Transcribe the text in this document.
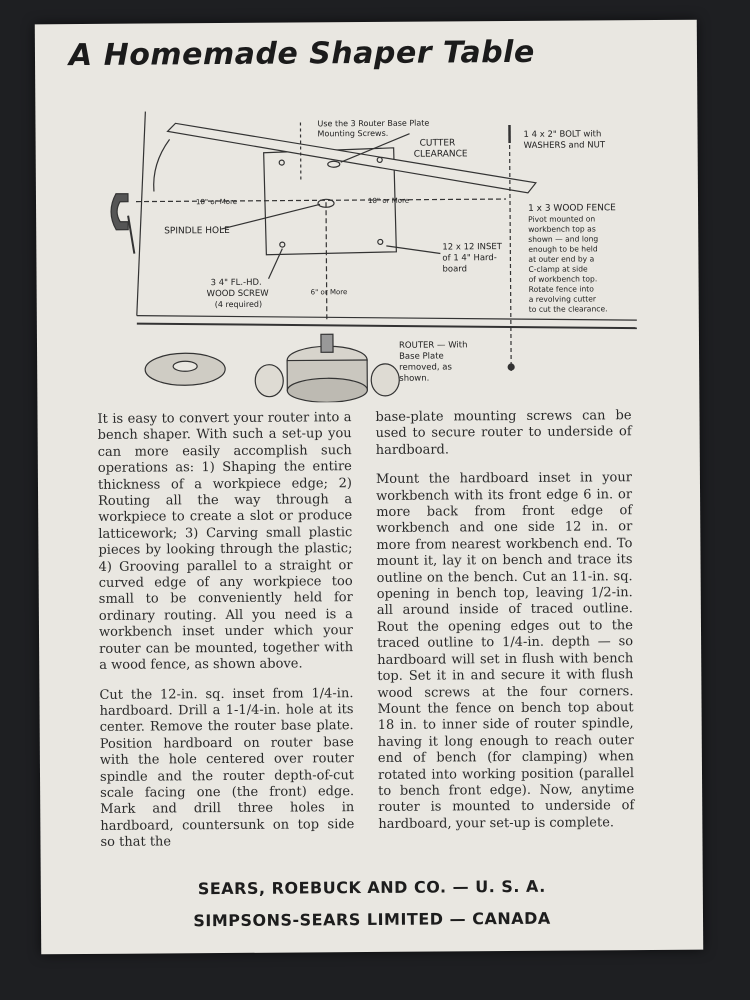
A Homemade Shaper Table
Use the 3 Router Base Plate
Mounting Screws.
CUTTER
CLEARANCE
1 4 x 2" BOLT with
WASHERS and NUT
1 x 3 WOOD FENCE
Pivot mounted on
workbench top as
shown — and long
enough to be held
at outer end by a
C-clamp at side
of workbench top.
Rotate fence into
a revolving cutter
to cut the clearance.
18" or More	18" or More
SPINDLE HOLE
12 x 12 INSET
of 1 4" Hard-
board
3 4" FL.-HD.
WOOD SCREW
(4 required)
6" or More
ROUTER — With
Base Plate
removed, as
shown.

It is easy to convert your router into a bench shaper. With such a set-up you can more easily accomplish such operations as: 1) Shaping the entire thickness of a workpiece edge; 2) Routing all the way through a workpiece to create a slot or produce latticework; 3) Carving small plastic pieces by looking through the plastic; 4) Grooving parallel to a straight or curved edge of any workpiece too small to be conveniently held for ordinary routing. All you need is a workbench inset under which your router can be mounted, together with a wood fence, as shown above.

Cut the 12-in. sq. inset from 1/4-in. hardboard. Drill a 1-1/4-in. hole at its center. Remove the router base plate. Position hardboard on router base with the hole centered over router spindle and the router depth-of-cut scale facing one (the front) edge. Mark and drill three holes in hardboard, countersunk on top side so that the

base-plate mounting screws can be used to secure router to underside of hardboard.

Mount the hardboard inset in your workbench with its front edge 6 in. or more back from front edge of workbench and one side 12 in. or more from nearest workbench end. To mount it, lay it on bench and trace its outline on the bench. Cut an 11-in. sq. opening in bench top, leaving 1/2-in. all around inside of traced outline. Rout the opening edges out to the traced outline to 1/4-in. depth — so hardboard will set in flush with bench top. Set it in and secure it with flush wood screws at the four corners. Mount the fence on bench top about 18 in. to inner side of router spindle, having it long enough to reach outer end of bench (for clamping) when rotated into working position (parallel to bench front edge). Now, anytime router is mounted to underside of hardboard, your set-up is complete.

SEARS, ROEBUCK AND CO. — U. S. A.
SIMPSONS-SEARS LIMITED — CANADA
